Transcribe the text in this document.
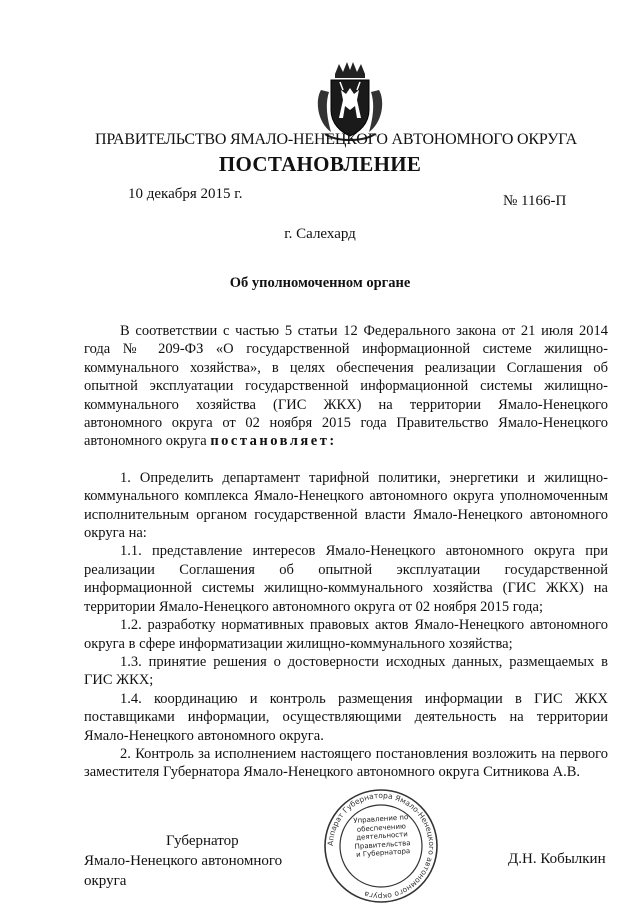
ПРАВИТЕЛЬСТВО ЯМАЛО-НЕНЕЦКОГО АВТОНОМНОГО ОКРУГА
ПОСТАНОВЛЕНИЕ
10 декабря 2015 г.	№ 1166-П
г. Салехард
Об уполномоченном органе

В соответствии с частью 5 статьи 12 Федерального закона от 21 июля 2014 года № 209-ФЗ «О государственной информационной системе жилищно-коммунального хозяйства», в целях обеспечения реализации Соглашения об опытной эксплуатации государственной информационной системы жилищно-коммунального хозяйства (ГИС ЖКХ) на территории Ямало-Ненецкого автономного округа от 02 ноября 2015 года Правительство Ямало-Ненецкого автономного округа постановляет:

1. Определить департамент тарифной политики, энергетики и жилищно-коммунального комплекса Ямало-Ненецкого автономного округа уполномоченным исполнительным органом государственной власти Ямало-Ненецкого автономного округа на:

1.1. представление интересов Ямало-Ненецкого автономного округа при реализации Соглашения об опытной эксплуатации государственной информационной системы жилищно-коммунального хозяйства (ГИС ЖКХ) на территории Ямало-Ненецкого автономного округа от 02 ноября 2015 года;

1.2. разработку нормативных правовых актов Ямало-Ненецкого автономного округа в сфере информатизации жилищно-коммунального хозяйства;

1.3. принятие решения о достоверности исходных данных, размещаемых в ГИС ЖКХ;

1.4. координацию и контроль размещения информации в ГИС ЖКХ поставщиками информации, осуществляющими деятельность на территории Ямало-Ненецкого автономного округа.

2. Контроль за исполнением настоящего постановления возложить на первого заместителя Губернатора Ямало-Ненецкого автономного округа Ситникова А.В.

Губернатор
Ямало-Ненецкого автономного округа
Д.Н. Кобылкин
Аппарат Губернатора Ямало-Ненецкого автономного округа
Управление по
обеспечению
деятельности
Правительства
и Губернатора
